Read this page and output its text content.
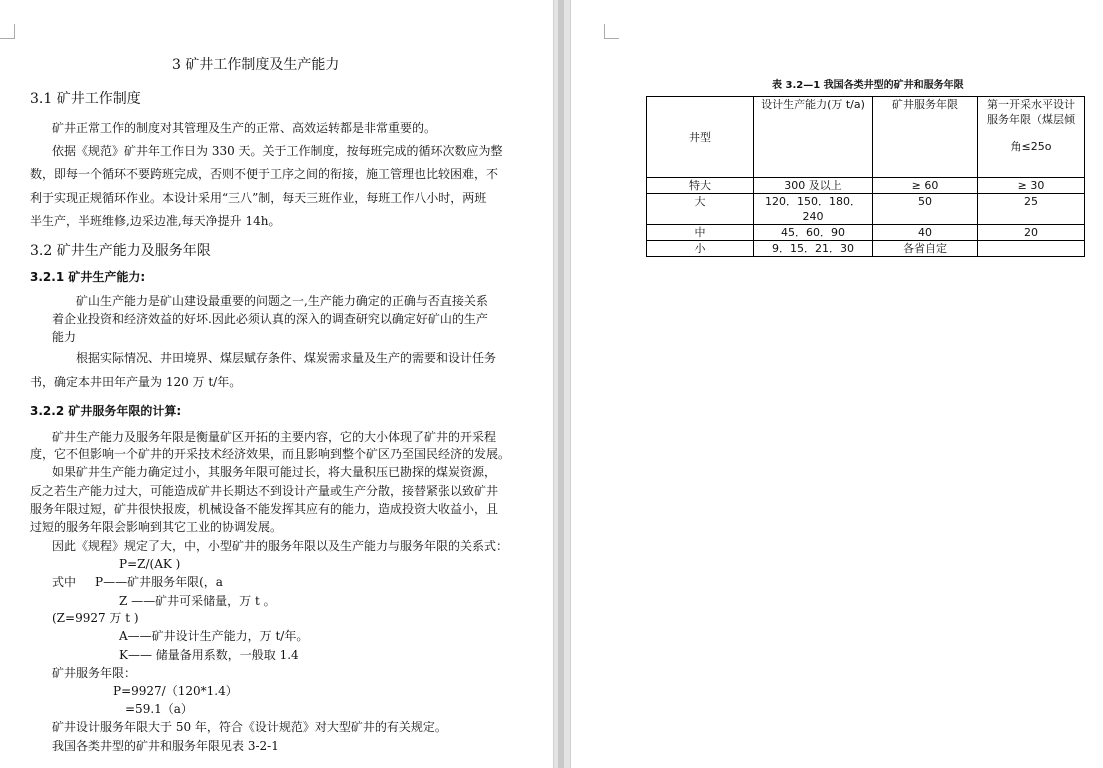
3 矿井工作制度及生产能力
3.1 矿井工作制度
矿井正常工作的制度对其管理及生产的正常、高效运转都是非常重要的。
依据《规范》矿井年工作日为 330 天。关于工作制度，按每班完成的循环次数应为整
数，即每一个循环不要跨班完成，否则不便于工序之间的衔接，施工管理也比较困难，不
利于实现正规循环作业。本设计采用“三八”制，每天三班作业，每班工作八小时，两班
半生产，半班维修,边采边准,每天净提升 14h。
3.2 矿井生产能力及服务年限
3.2.1 矿井生产能力:
矿山生产能力是矿山建设最重要的问题之一,生产能力确定的正确与否直接关系
着企业投资和经济效益的好坏.因此必须认真的深入的调查研究以确定好矿山的生产
能力
根据实际情况、井田境界、煤层赋存条件、煤炭需求量及生产的需要和设计任务
书，确定本井田年产量为 120 万 t/年。
3.2.2 矿井服务年限的计算:
矿井生产能力及服务年限是衡量矿区开拓的主要内容，它的大小体现了矿井的开采程
度，它不但影响一个矿井的开采技术经济效果，而且影响到整个矿区乃至国民经济的发展。
如果矿井生产能力确定过小，其服务年限可能过长，将大量积压已勘探的煤炭资源，
反之若生产能力过大，可能造成矿井长期达不到设计产量或生产分散，接替紧张以致矿井
服务年限过短，矿井很快报废，机械设备不能发挥其应有的能力，造成投资大收益小，且
过短的服务年限会影响到其它工业的协调发展。
因此《规程》规定了大，中，小型矿井的服务年限以及生产能力与服务年限的关系式：
P=Z/(AK )
式中 P——矿井服务年限(，a
Z ——矿井可采储量，万 t 。
(Z=9927 万 t )
A——矿井设计生产能力，万 t/年。
K—— 储量备用系数，一般取 1.4
矿井服务年限：
P=9927/（120*1.4）
=59.1（a）
矿井设计服务年限大于 50 年，符合《设计规范》对大型矿井的有关规定。
我国各类井型的矿井和服务年限见表 3-2-1
表 3.2—1 我国各类井型的矿井和服务年限
井型	设计生产能力(万 t/a)	矿井服务年限	第一开采水平设计
服务年限（煤层倾
角≤25o

特大	300 及以上	≥ 60	≥ 30
大	120．150．180．240	50	25
中	45．60．90	40	20
小	9．15．21．30	各省自定	
